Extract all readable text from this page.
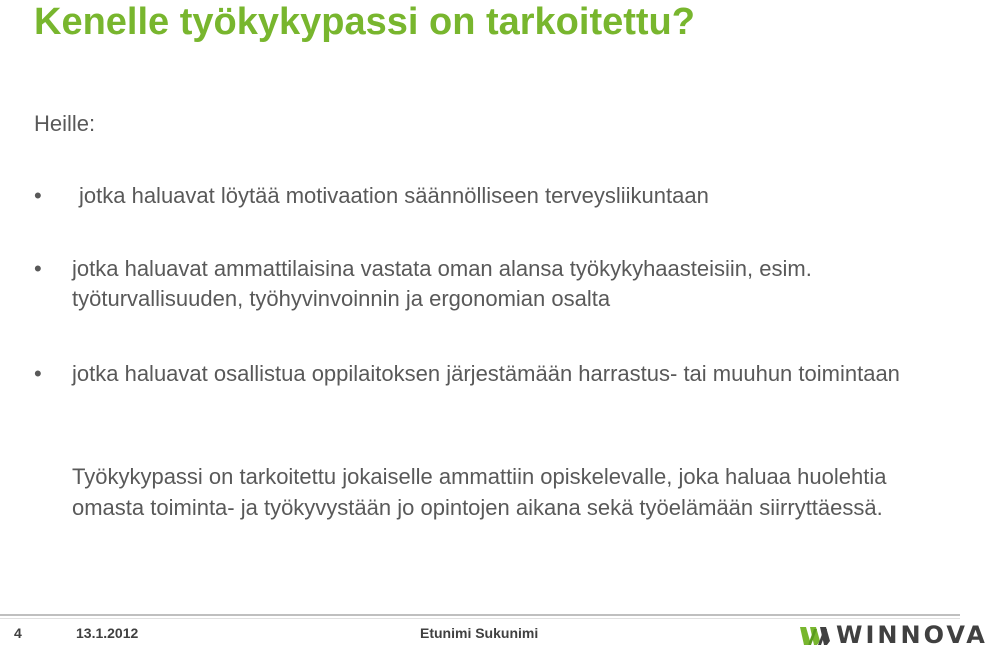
Kenelle työkykypassi on tarkoitettu?
Heille:
• jotka haluavat löytää motivaation säännölliseen terveysliikuntaan
• jotka haluavat ammattilaisina vastata oman alansa työkykyhaasteisiin, esim. työturvallisuuden, työhyvinvoinnin ja ergonomian osalta
• jotka haluavat osallistua oppilaitoksen järjestämään harrastus- tai muuhun toimintaan
Työkykypassi on tarkoitettu jokaiselle ammattiin opiskelevalle, joka haluaa huolehtia omasta toiminta- ja työkyvystään jo opintojen aikana sekä työelämään siirryttäessä.
4	13.1.2012	Etunimi Sukunimi	WINNOVA
